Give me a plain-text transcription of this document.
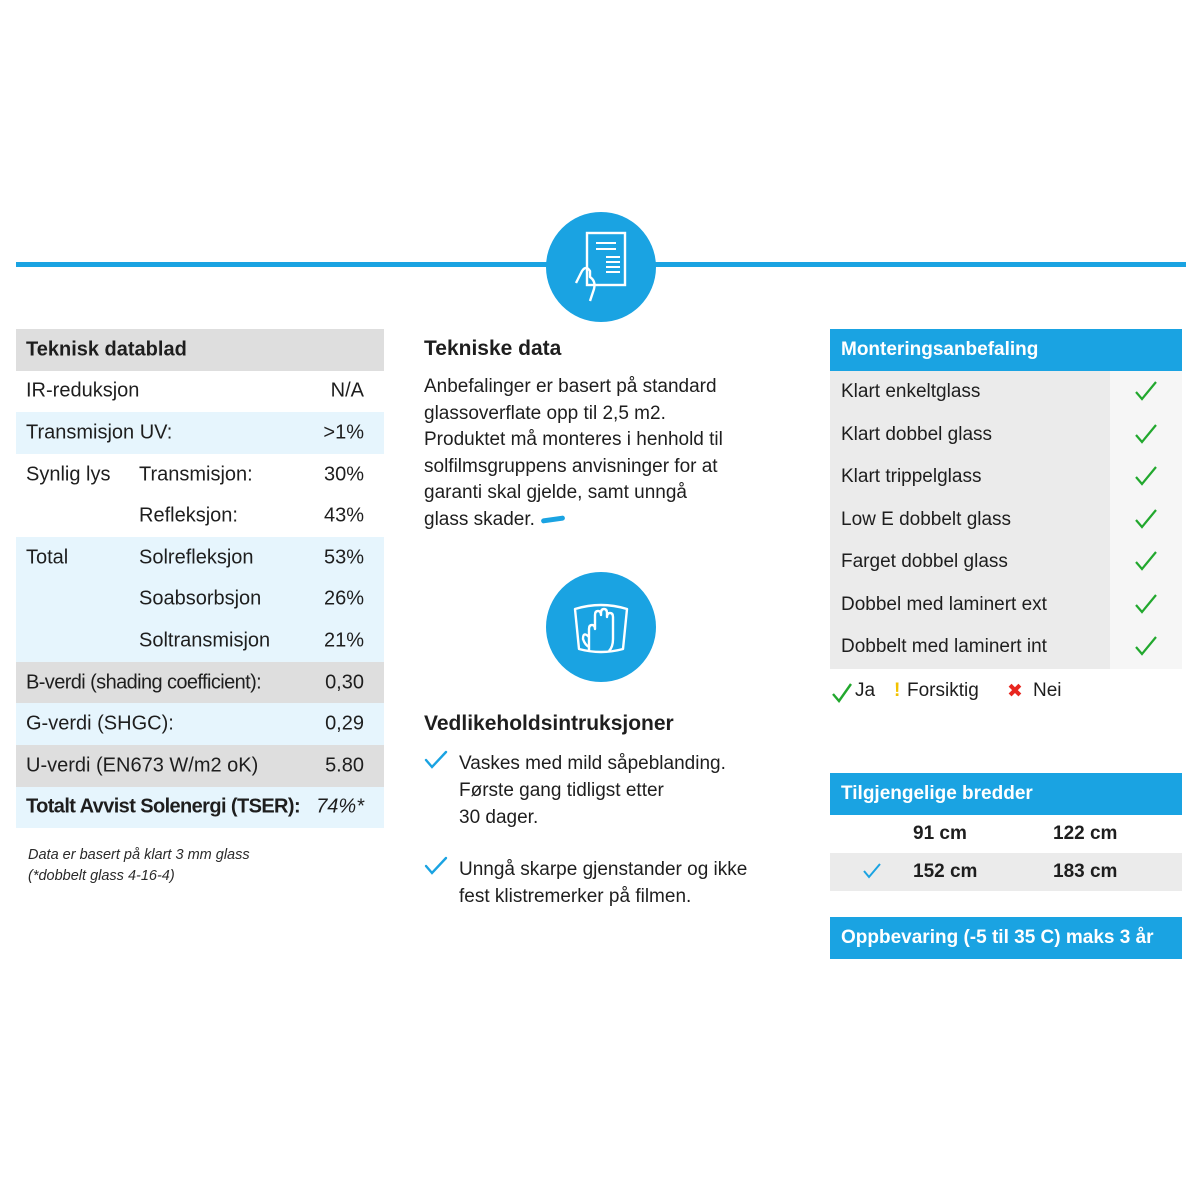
Teknisk datablad
IR-reduksjon	N/A
Transmisjon UV:	>1%
Synlig lys Transmisjon:	30%
Refleksjon:	43%
Total	Solrefleksjon	53%
Soabsorbsjon	26%
Soltransmisjon	21%
B-verdi (shading coefficient):	0,30
G-verdi (SHGC):	0,29
U-verdi (EN673 W/m2 oK)	5.80
Totalt Avvist Solenergi (TSER): 74%*
Data er basert på klart 3 mm glass
(*dobbelt glass 4-16-4)
Tekniske data
Anbefalinger er basert på standard
glassoverflate opp til 2,5 m2.
Produktet må monteres i henhold til
solfilmsgruppens anvisninger for at
garanti skal gjelde, samt unngå
glass skader.
Vedlikeholdsintruksjoner
Vaskes med mild såpeblanding.
Første gang tidligst etter
30 dager.
Unngå skarpe gjenstander og ikke
fest klistremerker på filmen.
Monteringsanbefaling
Klart enkeltglass
Klart dobbel glass
Klart trippelglass
Low E dobbelt glass
Farget dobbel glass
Dobbel med laminert ext
Dobbelt med laminert int
Ja ! Forsiktig ✖ Nei
Tilgjengelige bredder
91 cm	122 cm
152 cm	183 cm
Oppbevaring (-5 til 35 C) maks 3 år
